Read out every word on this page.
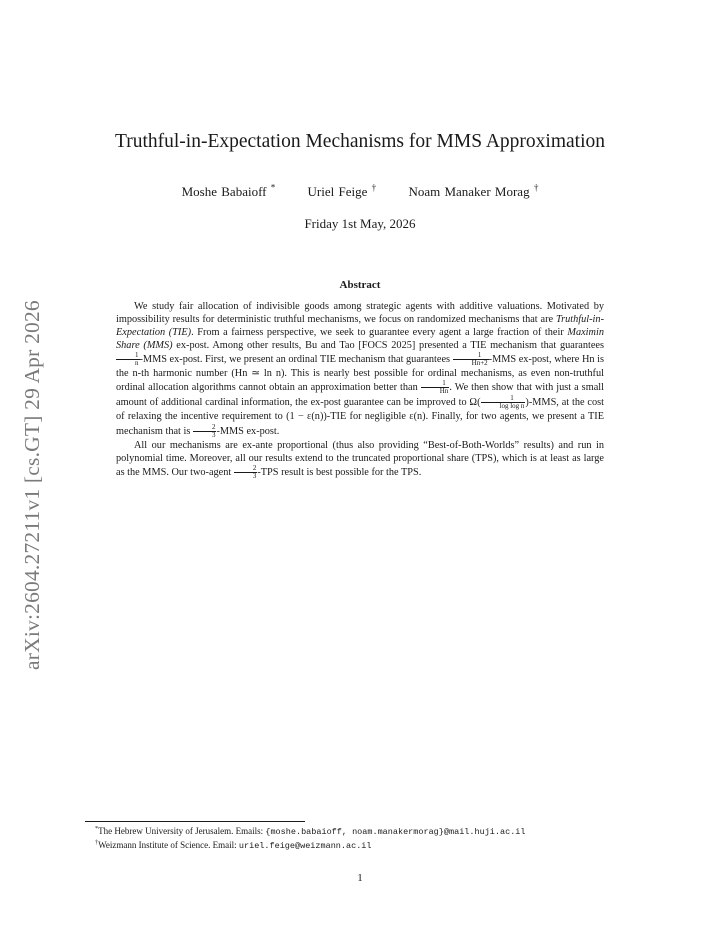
arXiv:2604.27211v1 [cs.GT] 29 Apr 2026
Truthful-in-Expectation Mechanisms for MMS Approximation
Moshe Babaioff * Uriel Feige † Noam Manaker Morag †
Friday 1st May, 2026
Abstract

We study fair allocation of indivisible goods among strategic agents with additive valuations. Motivated by impossibility results for deterministic truthful mechanisms, we focus on randomized mechanisms that are Truthful-in-Expectation (TIE). From a fairness perspective, we seek to guarantee every agent a large fraction of their Maximin Share (MMS) ex-post. Among other results, Bu and Tao [FOCS 2025] presented a TIE mechanism that guarantees
$\frac{1}{n} -MMS$ ex-post. First, we present an ordinal TIE mechanism that guarantees $\frac{1}{Hn+2} -MMS$ ex-post, where Hn is the n-th harmonic number (Hn ≃ ln n). This is nearly best possible for ordinal mechanisms, as even non-truthful ordinal allocation algorithms cannot obtain an approximation better than $\frac{1}{Hn}$ . We then show that with just a small amount of additional cardinal information, the ex-post guarantee can be improved to $\Omega( \frac{1}{\text{log log n}} )-MMS$, at the cost of relaxing the incentive requirement to (1 − ε(n))-TIE for negligible ε(n). Finally, for two agents, we present a TIE mechanism that is $\frac{2}{3} -MMS$ ex-post.

All our mechanisms are ex-ante proportional (thus also providing “Best-of-Both-Worlds” results) and run in polynomial time. Moreover, all our results extend to the truncated proportional share (TPS), which is at least as large as the MMS. Our two-agent $\frac{2}{3} -TPS$ result is best possible for the TPS.

*The Hebrew University of Jerusalem. Emails: {moshe.babaioff, noam.manakermorag}@mail.huji.ac.il
†Weizmann Institute of Science. Email: uriel.feige@weizmann.ac.il
1
